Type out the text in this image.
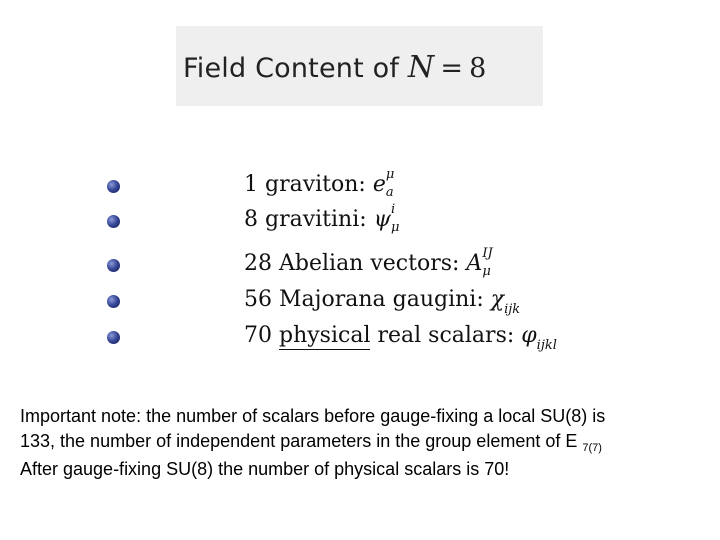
Field Content of N = 8
1 graviton: e μ
a
8 gravitini: ψ i
μ
28 Abelian vectors: A IJ
μ
56 Majorana gaugini: $\chi_{ijk}$
70 physical real scalars: $\varphi_{ijkl}$
Important note: the number of scalars before gauge-fixing a local SU(8) is
133, the number of independent parameters in the group element of E $_{7(7)}$
After gauge-fixing SU(8) the number of physical scalars is 70!
